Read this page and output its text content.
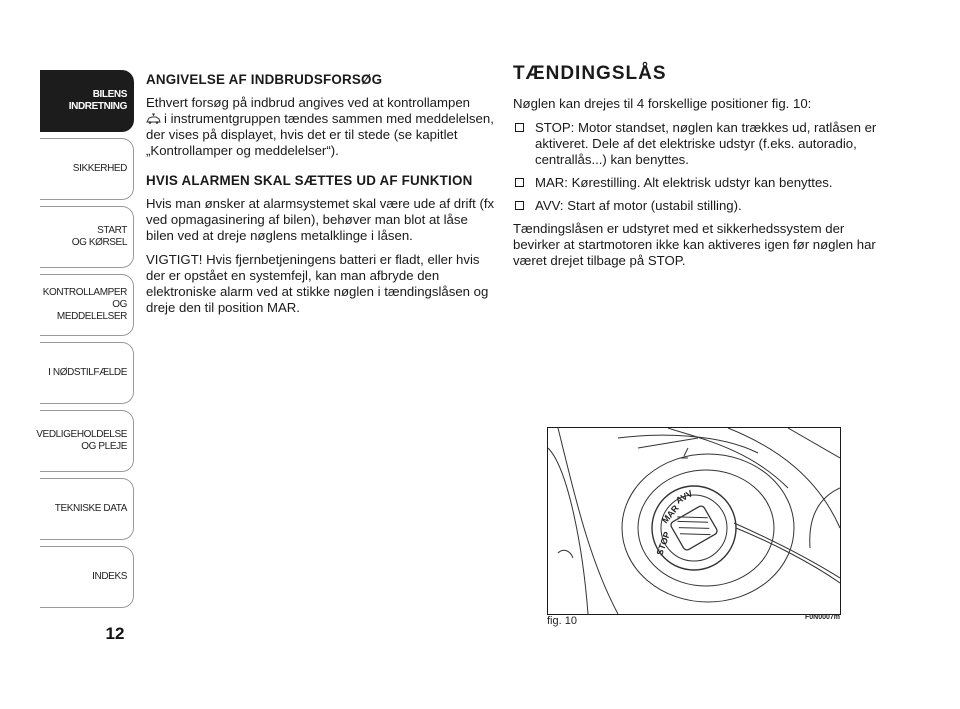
BILENS
INDRETNING
SIKKERHED
START
OG KØRSEL
KONTROLLAMPER
OG MEDDELELSER
I NØDSTILFÆLDE
VEDLIGEHOLDELSE
OG PLEJE
TEKNISKE DATA
INDEKS
12
ANGIVELSE AF INDBRUDSFORSØG

Ethvert forsøg på indbrud angives ved at kontrollampen
i instrumentgruppen tændes sammen med meddelelsen, der vises på displayet, hvis det er til stede (se kapitlet „Kontrollamper og meddelelser“).

HVIS ALARMEN SKAL SÆTTES UD AF FUNKTION

Hvis man ønsker at alarmsystemet skal være ude af drift (fx ved opmagasinering af bilen), behøver man blot at låse bilen ved at dreje nøglens metalklinge i låsen.

VIGTIGT! Hvis fjernbetjeningens batteri er fladt, eller hvis der er opstået en systemfejl, kan man afbryde den elektroniske alarm ved at stikke nøglen i tændingslåsen og dreje den til position MAR.

TÆNDINGSLÅS

Nøglen kan drejes til 4 forskellige positioner fig. 10:

STOP: Motor standset, nøglen kan trækkes ud, ratlåsen er aktiveret. Dele af det elektriske udstyr (f.eks. autoradio, centrallås...) kan benyttes.
MAR: Kørestilling. Alt elektrisk udstyr kan benyttes.
AVV: Start af motor (ustabil stilling).

Tændingslåsen er udstyret med et sikkerhedssystem der bevirker at startmotoren ikke kan aktiveres igen før nøglen har været drejet tilbage på STOP.

STOP
MAR
AVV
fig. 10	F0N0007m
